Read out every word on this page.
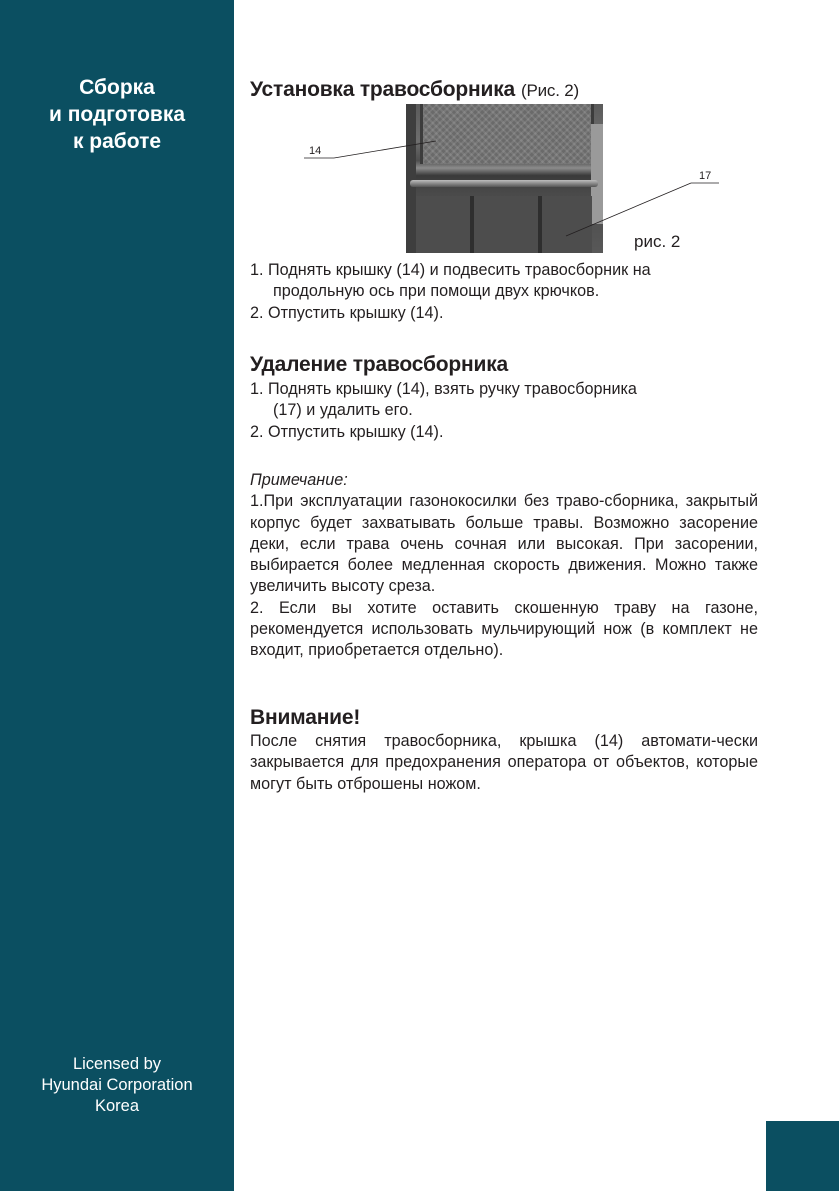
Сборка
и подготовка
к работе
Licensed by
Hyundai Corporation
Korea
14
17
рис. 2
Установка травосборника (Рис. 2)

1. Поднять крышку (14) и подвесить травосборник на

продольную ось при помощи двух крючков.

2. Отпустить крышку (14).

Удаление травосборника

1. Поднять крышку (14), взять ручку травосборника

(17) и удалить его.

2. Отпустить крышку (14).

Примечание:

1.При эксплуатации газонокосилки без траво-сборника, закрытый корпус будет захватывать больше травы. Возможно засорение деки, если трава очень сочная или высокая. При засорении, выбирается более медленная скорость движения. Можно также увеличить высоту среза.

2. Если вы хотите оставить скошенную траву на газоне, рекомендуется использовать мульчирующий нож (в комплект не входит, приобретается отдельно).

Внимание!

После снятия травосборника, крышка (14) автомати-чески закрывается для предохранения оператора от объектов, которые могут быть отброшены ножом.
